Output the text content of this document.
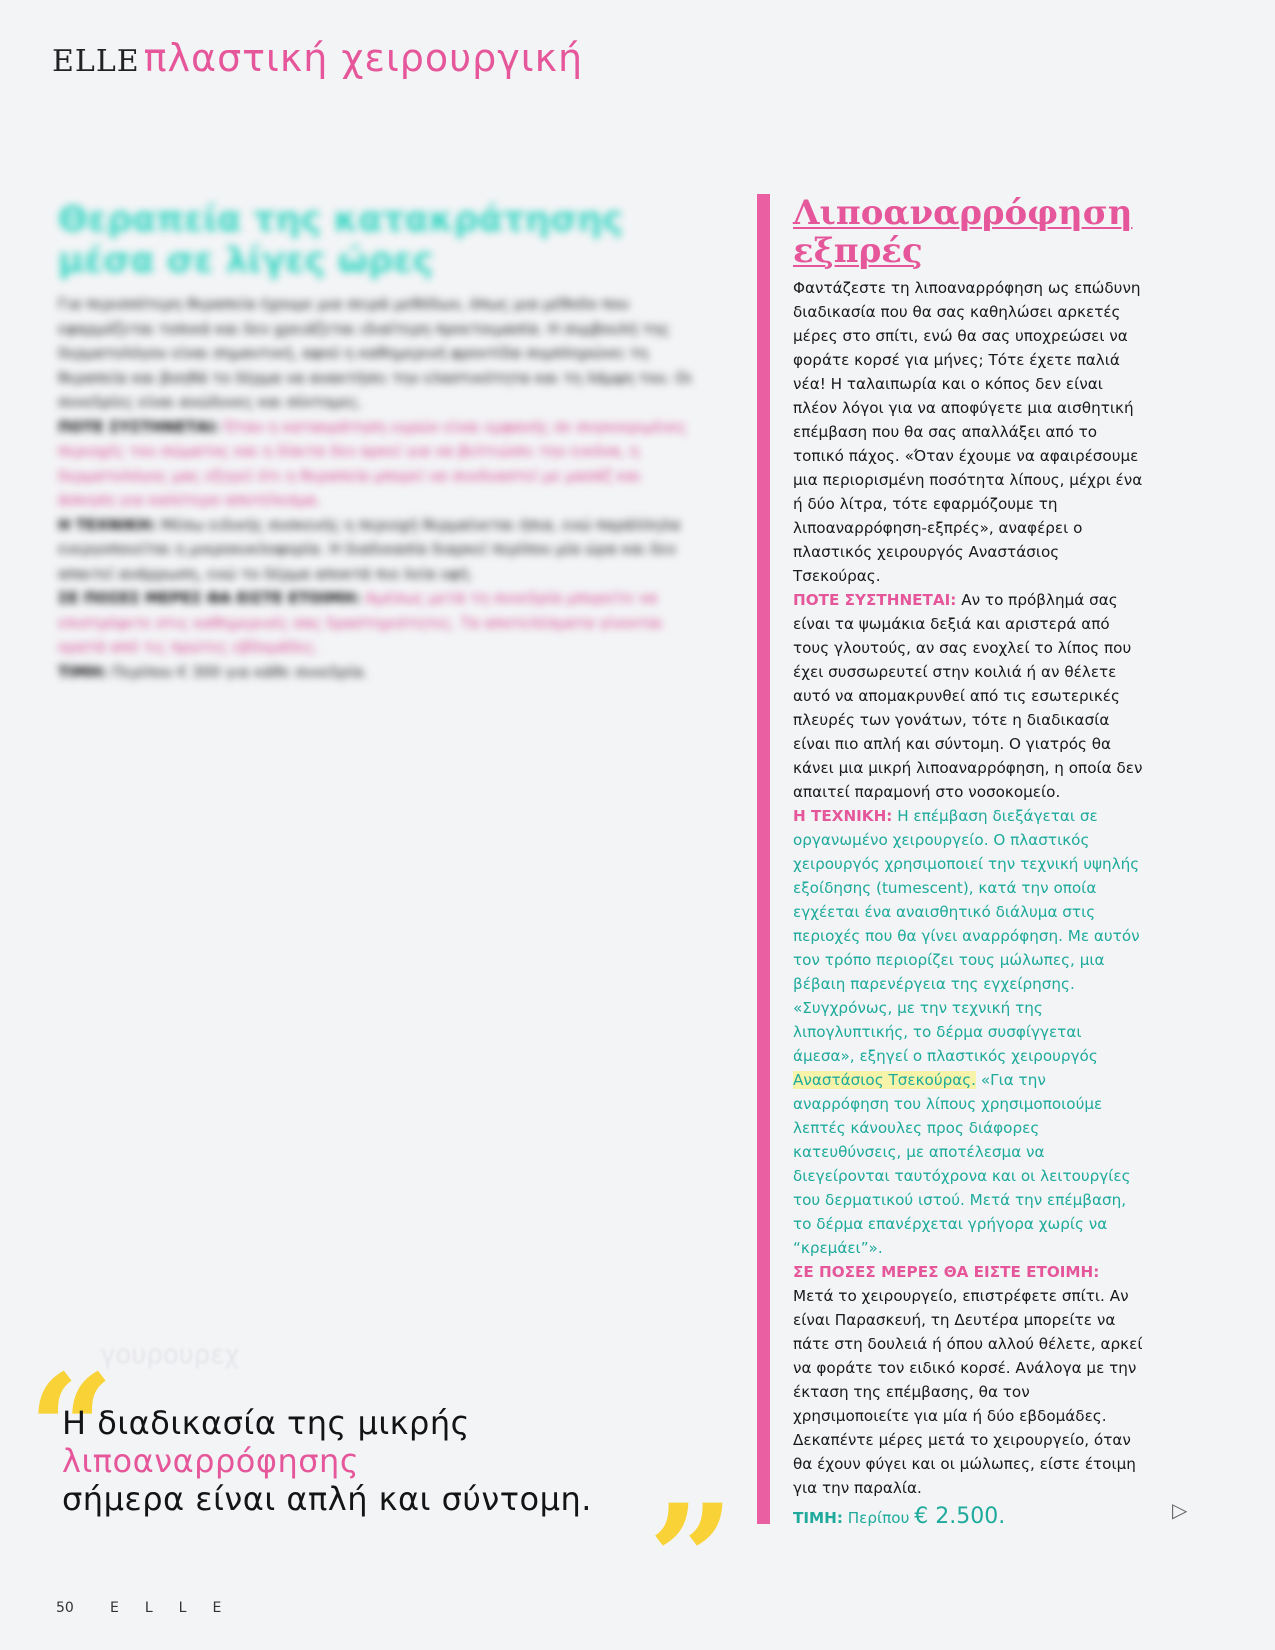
ELLE πλαστική χειρουργική
Θεραπεία της κατακράτησης μέσα σε λίγες ώρες

Για περισσότερη θεραπεία έχουμε μια σειρά μεθόδων, όπως μια μέθοδο που εφαρμόζεται τοπικά και δεν χρειάζεται ιδιαίτερη προετοιμασία. Η συμβουλή της δερματολόγου είναι σημαντική, αφού η καθημερινή φροντίδα συμπληρώνει τη θεραπεία και βοηθά το δέρμα να ανακτήσει την ελαστικότητα και τη λάμψη του. Οι συνεδρίες είναι ανώδυνες και σύντομες.

ΠΟΤΕ ΣΥΣΤΗΝΕΤΑΙ: Όταν η κατακράτηση υγρών είναι εμφανής σε συγκεκριμένες περιοχές του σώματος και η δίαιτα δεν αρκεί για να βελτιώσει την εικόνα, η δερματολόγος μας εξηγεί ότι η θεραπεία μπορεί να συνδυαστεί με μασάζ και άσκηση για καλύτερο αποτέλεσμα.
Η ΤΕΧΝΙΚΗ: Μέσω ειδικής συσκευής η περιοχή θερμαίνεται ήπια, ενώ παράλληλα ενεργοποιείται η μικροκυκλοφορία. Η διαδικασία διαρκεί περίπου μία ώρα και δεν απαιτεί ανάρρωση, ενώ το δέρμα αποκτά πιο λεία υφή.
ΣΕ ΠΟΣΕΣ ΜΕΡΕΣ ΘΑ ΕΙΣΤΕ ΕΤΟΙΜΗ: Αμέσως μετά τη συνεδρία μπορείτε να επιστρέψετε στις καθημερινές σας δραστηριότητες. Τα αποτελέσματα γίνονται ορατά από τις πρώτες εβδομάδες.
ΤΙΜΗ: Περίπου € 300 για κάθε συνεδρία.
γουρουρεχ
“
Η διαδικασία της μικρής
λιποαναρρόφησης
σήμερα είναι απλή και σύντομη. ”
Λιποαναρρόφηση
εξπρές

Φαντάζεστε τη λιποαναρρόφηση ως επώδυνη διαδικασία που θα σας καθηλώσει αρκετές μέρες στο σπίτι, ενώ θα σας υποχρεώσει να φοράτε κορσέ για μήνες; Τότε έχετε παλιά νέα! Η ταλαιπωρία και ο κόπος δεν είναι πλέον λόγοι για να αποφύγετε μια αισθητική επέμβαση που θα σας απαλλάξει από το τοπικό πάχος. «Όταν έχουμε να αφαιρέσουμε μια περιορισμένη ποσότητα λίπους, μέχρι ένα ή δύο λίτρα, τότε εφαρμόζουμε τη λιποαναρρόφηση-εξπρές», αναφέρει ο πλαστικός χειρουργός Αναστάσιος Τσεκούρας.

ΠΟΤΕ ΣΥΣΤΗΝΕΤΑΙ: Αν το πρόβλημά σας είναι τα ψωμάκια δεξιά και αριστερά από τους γλουτούς, αν σας ενοχλεί το λίπος που έχει συσσωρευτεί στην κοιλιά ή αν θέλετε αυτό να απομακρυνθεί από τις εσωτερικές πλευρές των γονάτων, τότε η διαδικασία είναι πιο απλή και σύντομη. Ο γιατρός θα κάνει μια μικρή λιποαναρρόφηση, η οποία δεν απαιτεί παραμονή στο νοσοκομείο.

Η ΤΕΧΝΙΚΗ: Η επέμβαση διεξάγεται σε οργανωμένο χειρουργείο. Ο πλαστικός χειρουργός χρησιμοποιεί την τεχνική υψηλής εξοίδησης (tumescent), κατά την οποία εγχέεται ένα αναισθητικό διάλυμα στις περιοχές που θα γίνει αναρρόφηση. Με αυτόν τον τρόπο περιορίζει τους μώλωπες, μια βέβαιη παρενέργεια της εγχείρησης. «Συγχρόνως, με την τεχνική της λιπογλυπτικής, το δέρμα συσφίγγεται άμεσα», εξηγεί ο πλαστικός χειρουργός Αναστάσιος Τσεκούρας. «Για την αναρρόφηση του λίπους χρησιμοποιούμε λεπτές κάνουλες προς διάφορες κατευθύνσεις, με αποτέλεσμα να διεγείρονται ταυτόχρονα και οι λειτουργίες του δερματικού ιστού. Μετά την επέμβαση, το δέρμα επανέρχεται γρήγορα χωρίς να “κρεμάει”».

ΣΕ ΠΟΣΕΣ ΜΕΡΕΣ ΘΑ ΕΙΣΤΕ ΕΤΟΙΜΗ:
Μετά το χειρουργείο, επιστρέφετε σπίτι. Αν είναι Παρασκευή, τη Δευτέρα μπορείτε να πάτε στη δουλειά ή όπου αλλού θέλετε, αρκεί να φοράτε τον ειδικό κορσέ. Ανάλογα με την έκταση της επέμβασης, θα τον χρησιμοποιείτε για μία ή δύο εβδομάδες. Δεκαπέντε μέρες μετά το χειρουργείο, όταν θα έχουν φύγει και οι μώλωπες, είστε έτοιμη για την παραλία.

ΤΙΜΗ: Περίπου € 2.500.
50	ELLE
▷
